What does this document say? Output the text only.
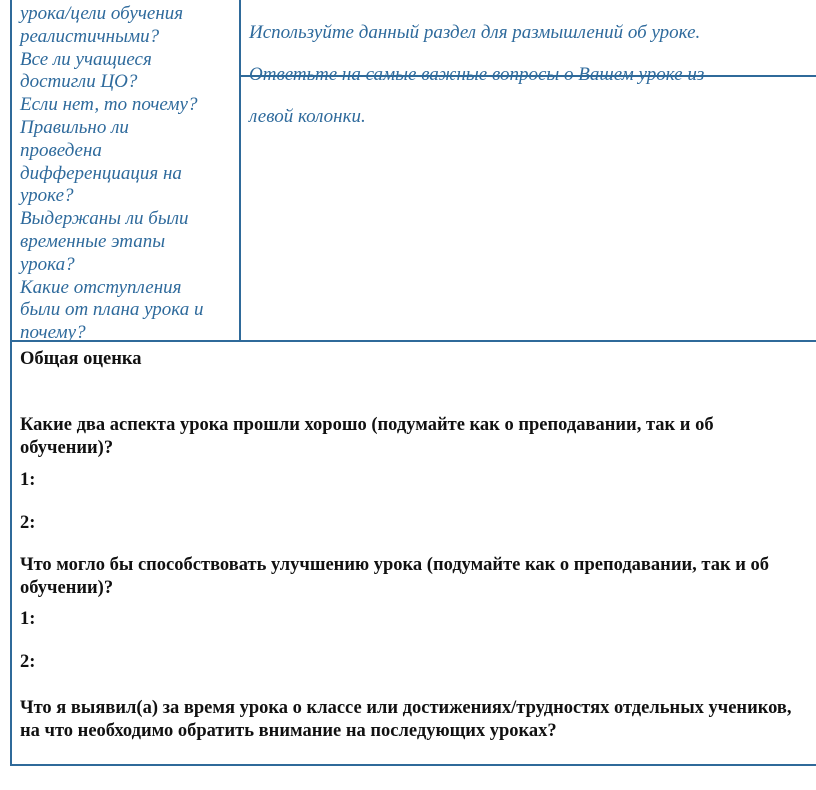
урока/цели обучения

реалистичными?

Все ли учащиеся

достигли ЦО?

Если нет, то почему?

Правильно ли

проведена

дифференциация на

уроке?

Выдержаны ли были

временные этапы

урока?

Какие отступления

были от плана урока и

почему?

Используйте данный раздел для размышлений об уроке.

Ответьте на самые важные вопросы о Вашем уроке из

левой колонки.

Общая оценка

Какие два аспекта урока прошли хорошо (подумайте как о преподавании, так и об обучении)?

1:

2:

Что могло бы способствовать улучшению урока (подумайте как о преподавании, так и об обучении)?

1:

2:

Что я выявил(а) за время урока о классе или достижениях/трудностях отдельных учеников, на что необходимо обратить внимание на последующих уроках?
